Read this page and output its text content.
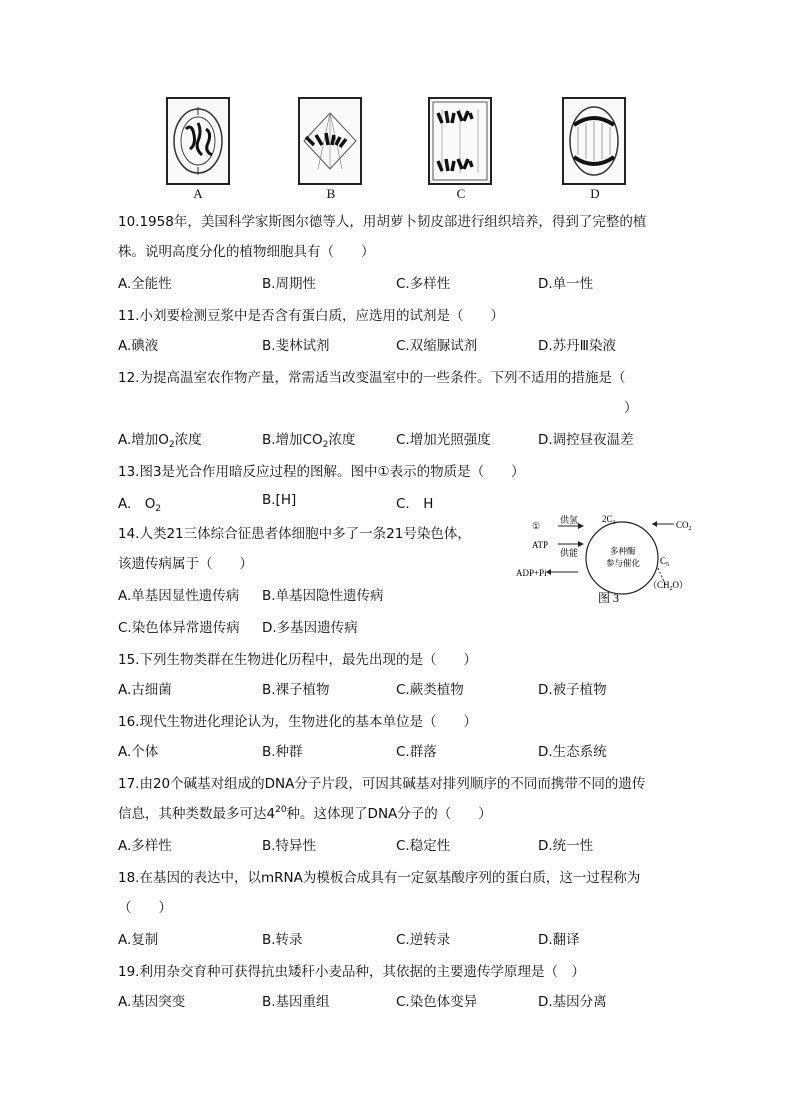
A	B	C	D
10.1958年，美国科学家斯图尔德等人，用胡萝卜韧皮部进行组织培养，得到了完整的植
株。说明高度分化的植物细胞具有（　　）
A.全能性	B.周期性	C.多样性	D.单一性
11.小刘要检测豆浆中是否含有蛋白质，应选用的试剂是（　　）
A.碘液	B.斐林试剂	C.双缩脲试剂	D.苏丹Ⅲ染液
12.为提高温室农作物产量，常需适当改变温室中的一些条件。下列不适用的措施是（
）
A.增加$O_2$浓度	B.增加$CO_2$浓度	C.增加光照强度	D.调控昼夜温差
13.图3是光合作用暗反应过程的图解。图中①表示的物质是（　　）
A.　$O_2$
B.[H]	C.　H
14.人类21三体综合征患者体细胞中多了一条21号染色体，
该遗传病属于（　　）
A.单基因显性遗传病 B.单基因隐性遗传病
C.染色体异常遗传病 D.多基因遗传病
$2C_3$	$CO_2$
多种酶
参与催化
①
供氢
ATP
供能
ADP+Pi
$C_5$
$(CH_2O)$
图 3
15.下列生物类群在生物进化历程中，最先出现的是（　　）
A.古细菌	B.裸子植物	C.蕨类植物	D.被子植物
16.现代生物进化理论认为，生物进化的基本单位是（　　）
A.个体	B.种群	C.群落	D.生态系统
17.由20个碱基对组成的DNA分子片段，可因其碱基对排列顺序的不同而携带不同的遗传
信息，其种类数最多可达$4^{20}$种。这体现了DNA分子的（　　）
A.多样性	B.特异性	C.稳定性	D.统一性
18.在基因的表达中，以mRNA为模板合成具有一定氨基酸序列的蛋白质，这一过程称为
（　　）
A.复制	B.转录	C.逆转录	D.翻译
19.利用杂交育种可获得抗虫矮秆小麦品种，其依据的主要遗传学原理是（　）
A.基因突变	B.基因重组	C.染色体变异	D.基因分离
